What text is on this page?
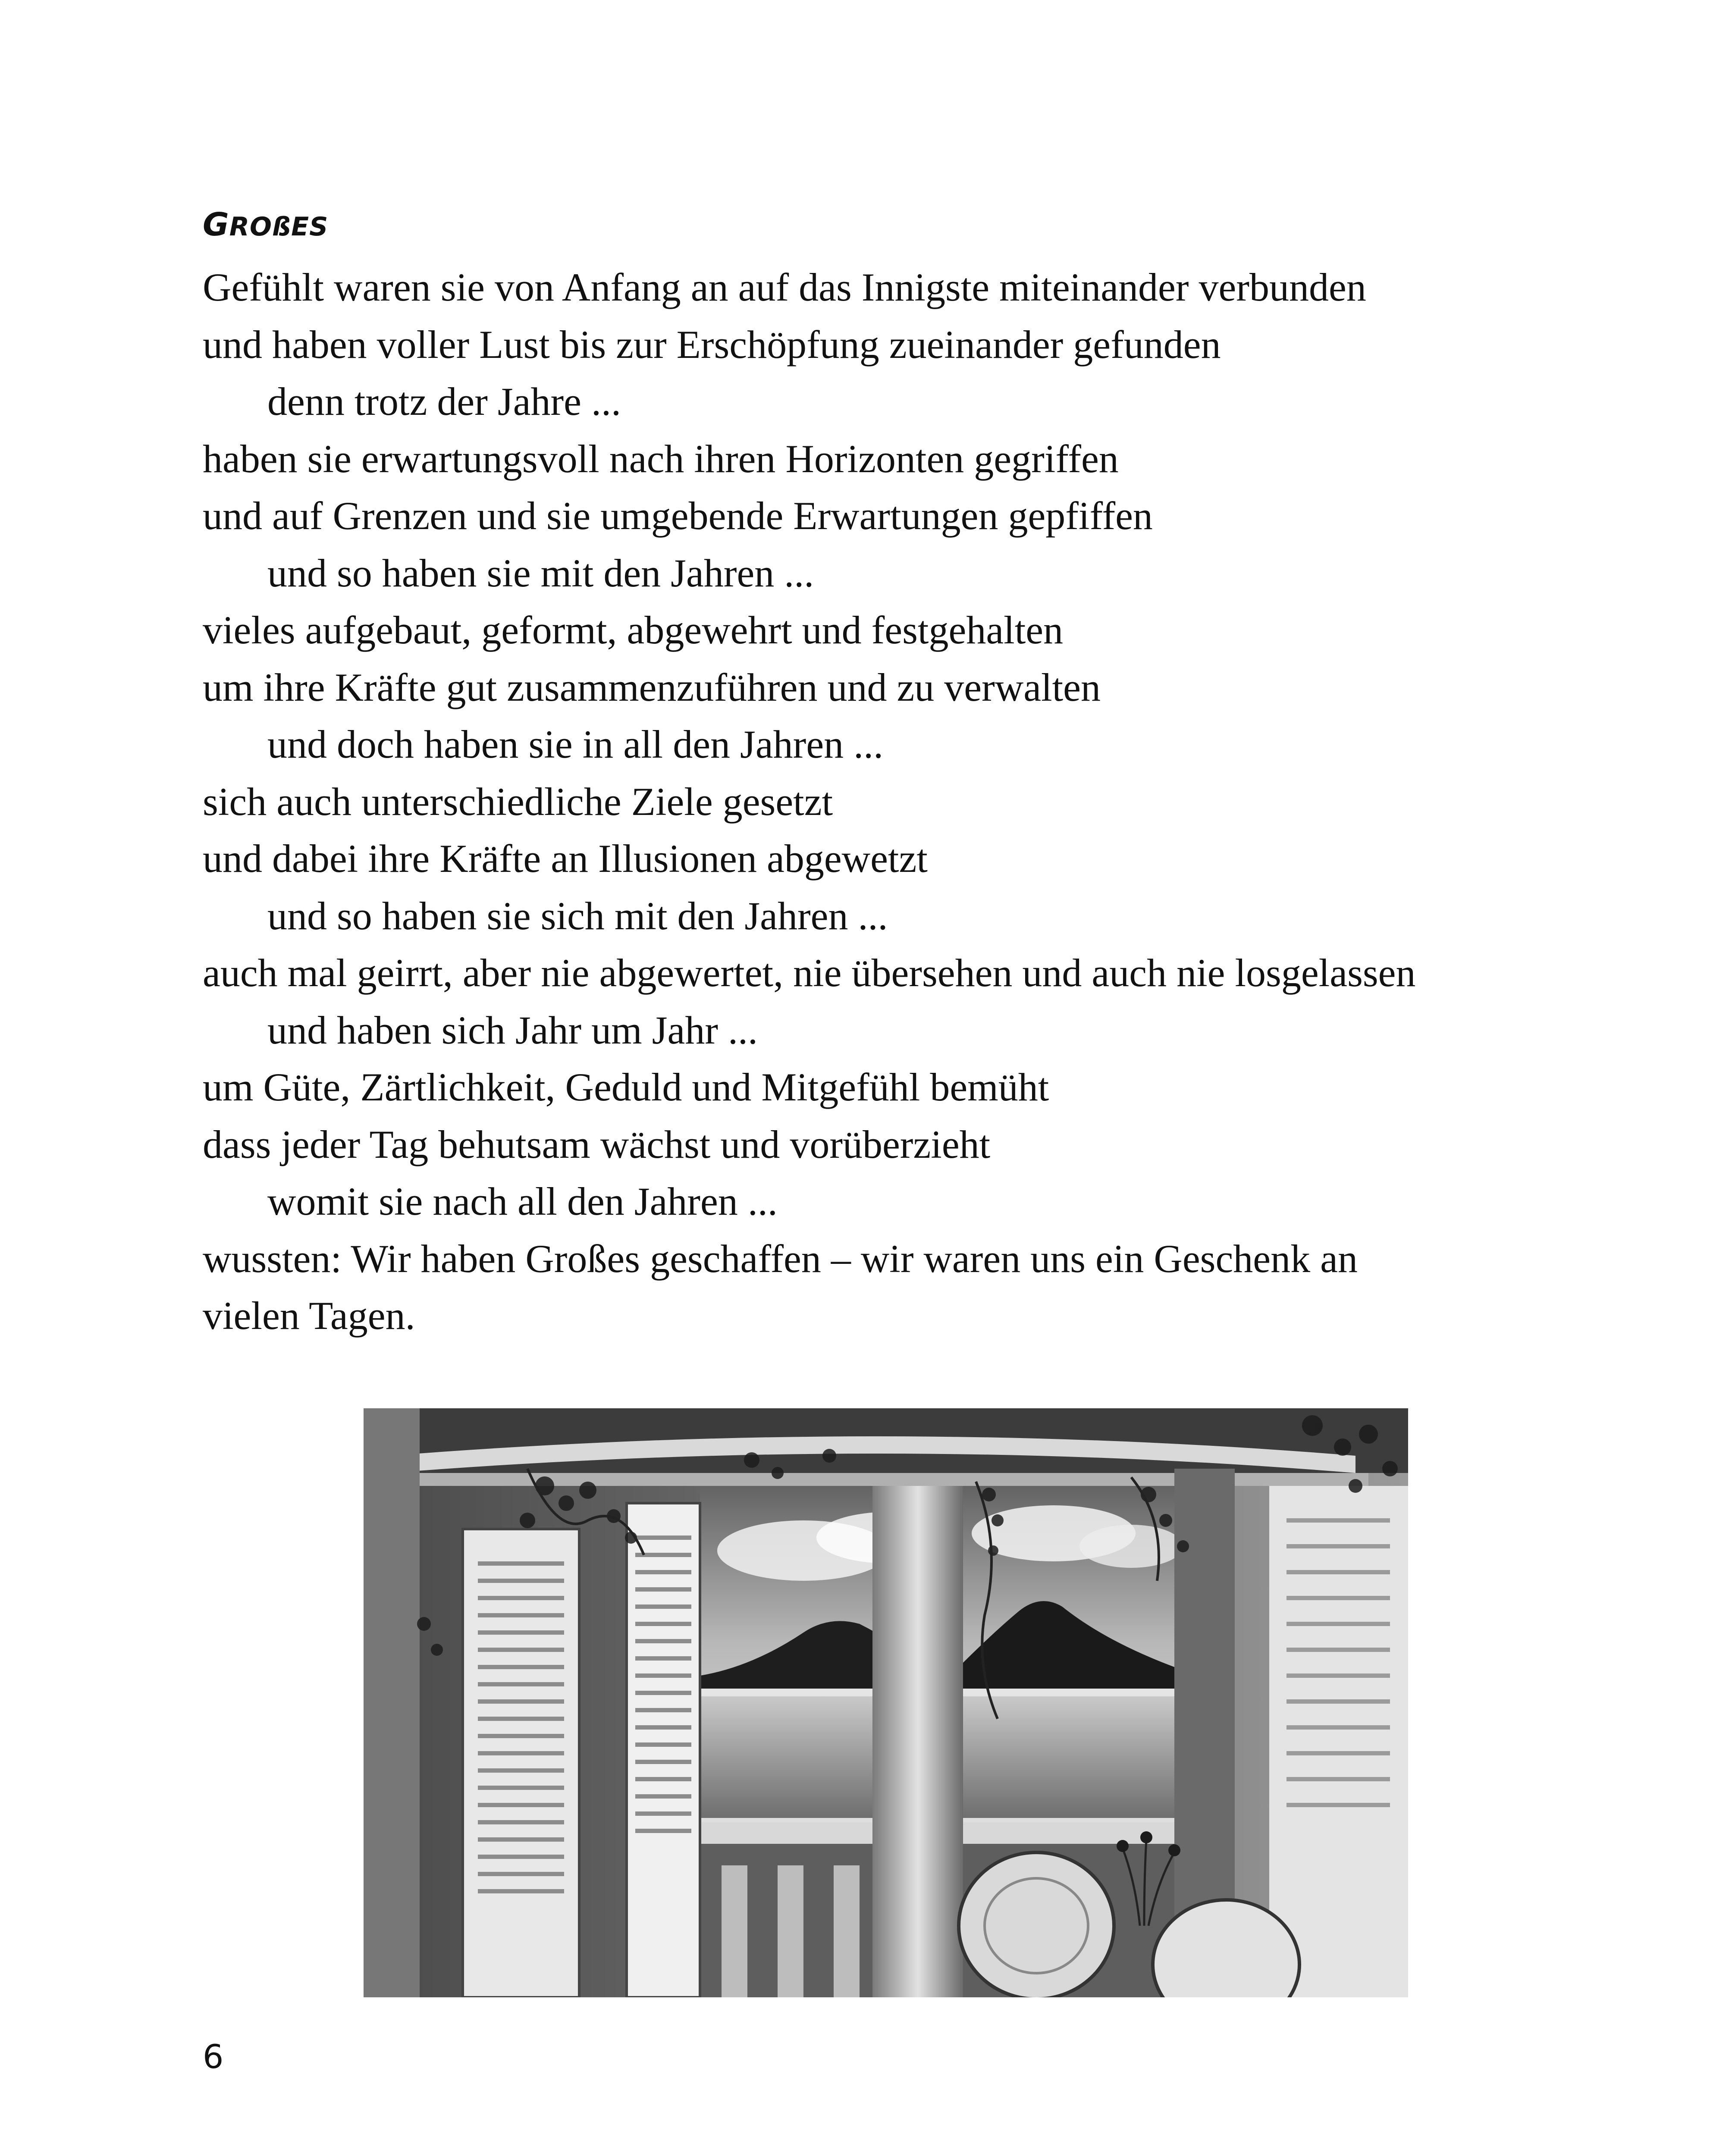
GROßES
Gefühlt waren sie von Anfang an auf das Innigste miteinander verbunden
und haben voller Lust bis zur Erschöpfung zueinander gefunden
denn trotz der Jahre ...
haben sie erwartungsvoll nach ihren Horizonten gegriffen
und auf Grenzen und sie umgebende Erwartungen gepfiffen
und so haben sie mit den Jahren ...
vieles aufgebaut, geformt, abgewehrt und festgehalten
um ihre Kräfte gut zusammenzuführen und zu verwalten
und doch haben sie in all den Jahren ...
sich auch unterschiedliche Ziele gesetzt
und dabei ihre Kräfte an Illusionen abgewetzt
und so haben sie sich mit den Jahren ...
auch mal geirrt, aber nie abgewertet, nie übersehen und auch nie losgelassen
und haben sich Jahr um Jahr ...
um Güte, Zärtlichkeit, Geduld und Mitgefühl bemüht
dass jeder Tag behutsam wächst und vorüberzieht
womit sie nach all den Jahren ...
wussten: Wir haben Großes geschaffen – wir waren uns ein Geschenk an
vielen Tagen.
6
